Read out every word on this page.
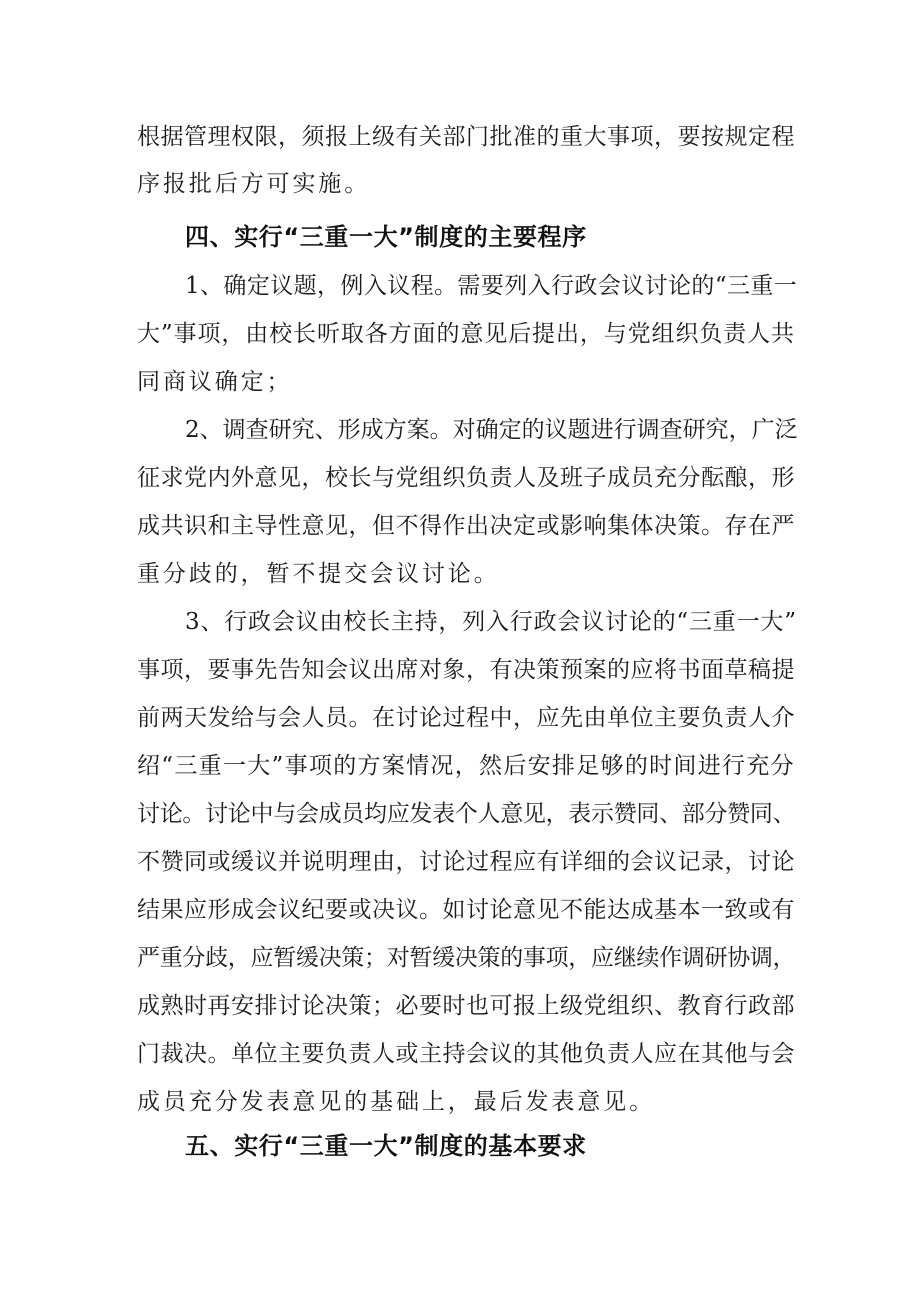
根据管理权限，须报上级有关部门批准的重大事项，要按规定程
序报批后方可实施。
四、实行“三重一大”制度的主要程序
1、确定议题，例入议程。需要列入行政会议讨论的“三重一
大”事项，由校长听取各方面的意见后提出，与党组织负责人共
同商议确定；
2、调查研究、形成方案。对确定的议题进行调查研究，广泛
征求党内外意见，校长与党组织负责人及班子成员充分酝酿，形
成共识和主导性意见，但不得作出决定或影响集体决策。存在严
重分歧的，暂不提交会议讨论。
3、行政会议由校长主持，列入行政会议讨论的“三重一大”
事项，要事先告知会议出席对象，有决策预案的应将书面草稿提
前两天发给与会人员。在讨论过程中，应先由单位主要负责人介
绍“三重一大”事项的方案情况，然后安排足够的时间进行充分
讨论。讨论中与会成员均应发表个人意见，表示赞同、部分赞同、
不赞同或缓议并说明理由，讨论过程应有详细的会议记录，讨论
结果应形成会议纪要或决议。如讨论意见不能达成基本一致或有
严重分歧，应暂缓决策；对暂缓决策的事项，应继续作调研协调，
成熟时再安排讨论决策；必要时也可报上级党组织、教育行政部
门裁决。单位主要负责人或主持会议的其他负责人应在其他与会
成员充分发表意见的基础上，最后发表意见。
五、实行“三重一大”制度的基本要求
